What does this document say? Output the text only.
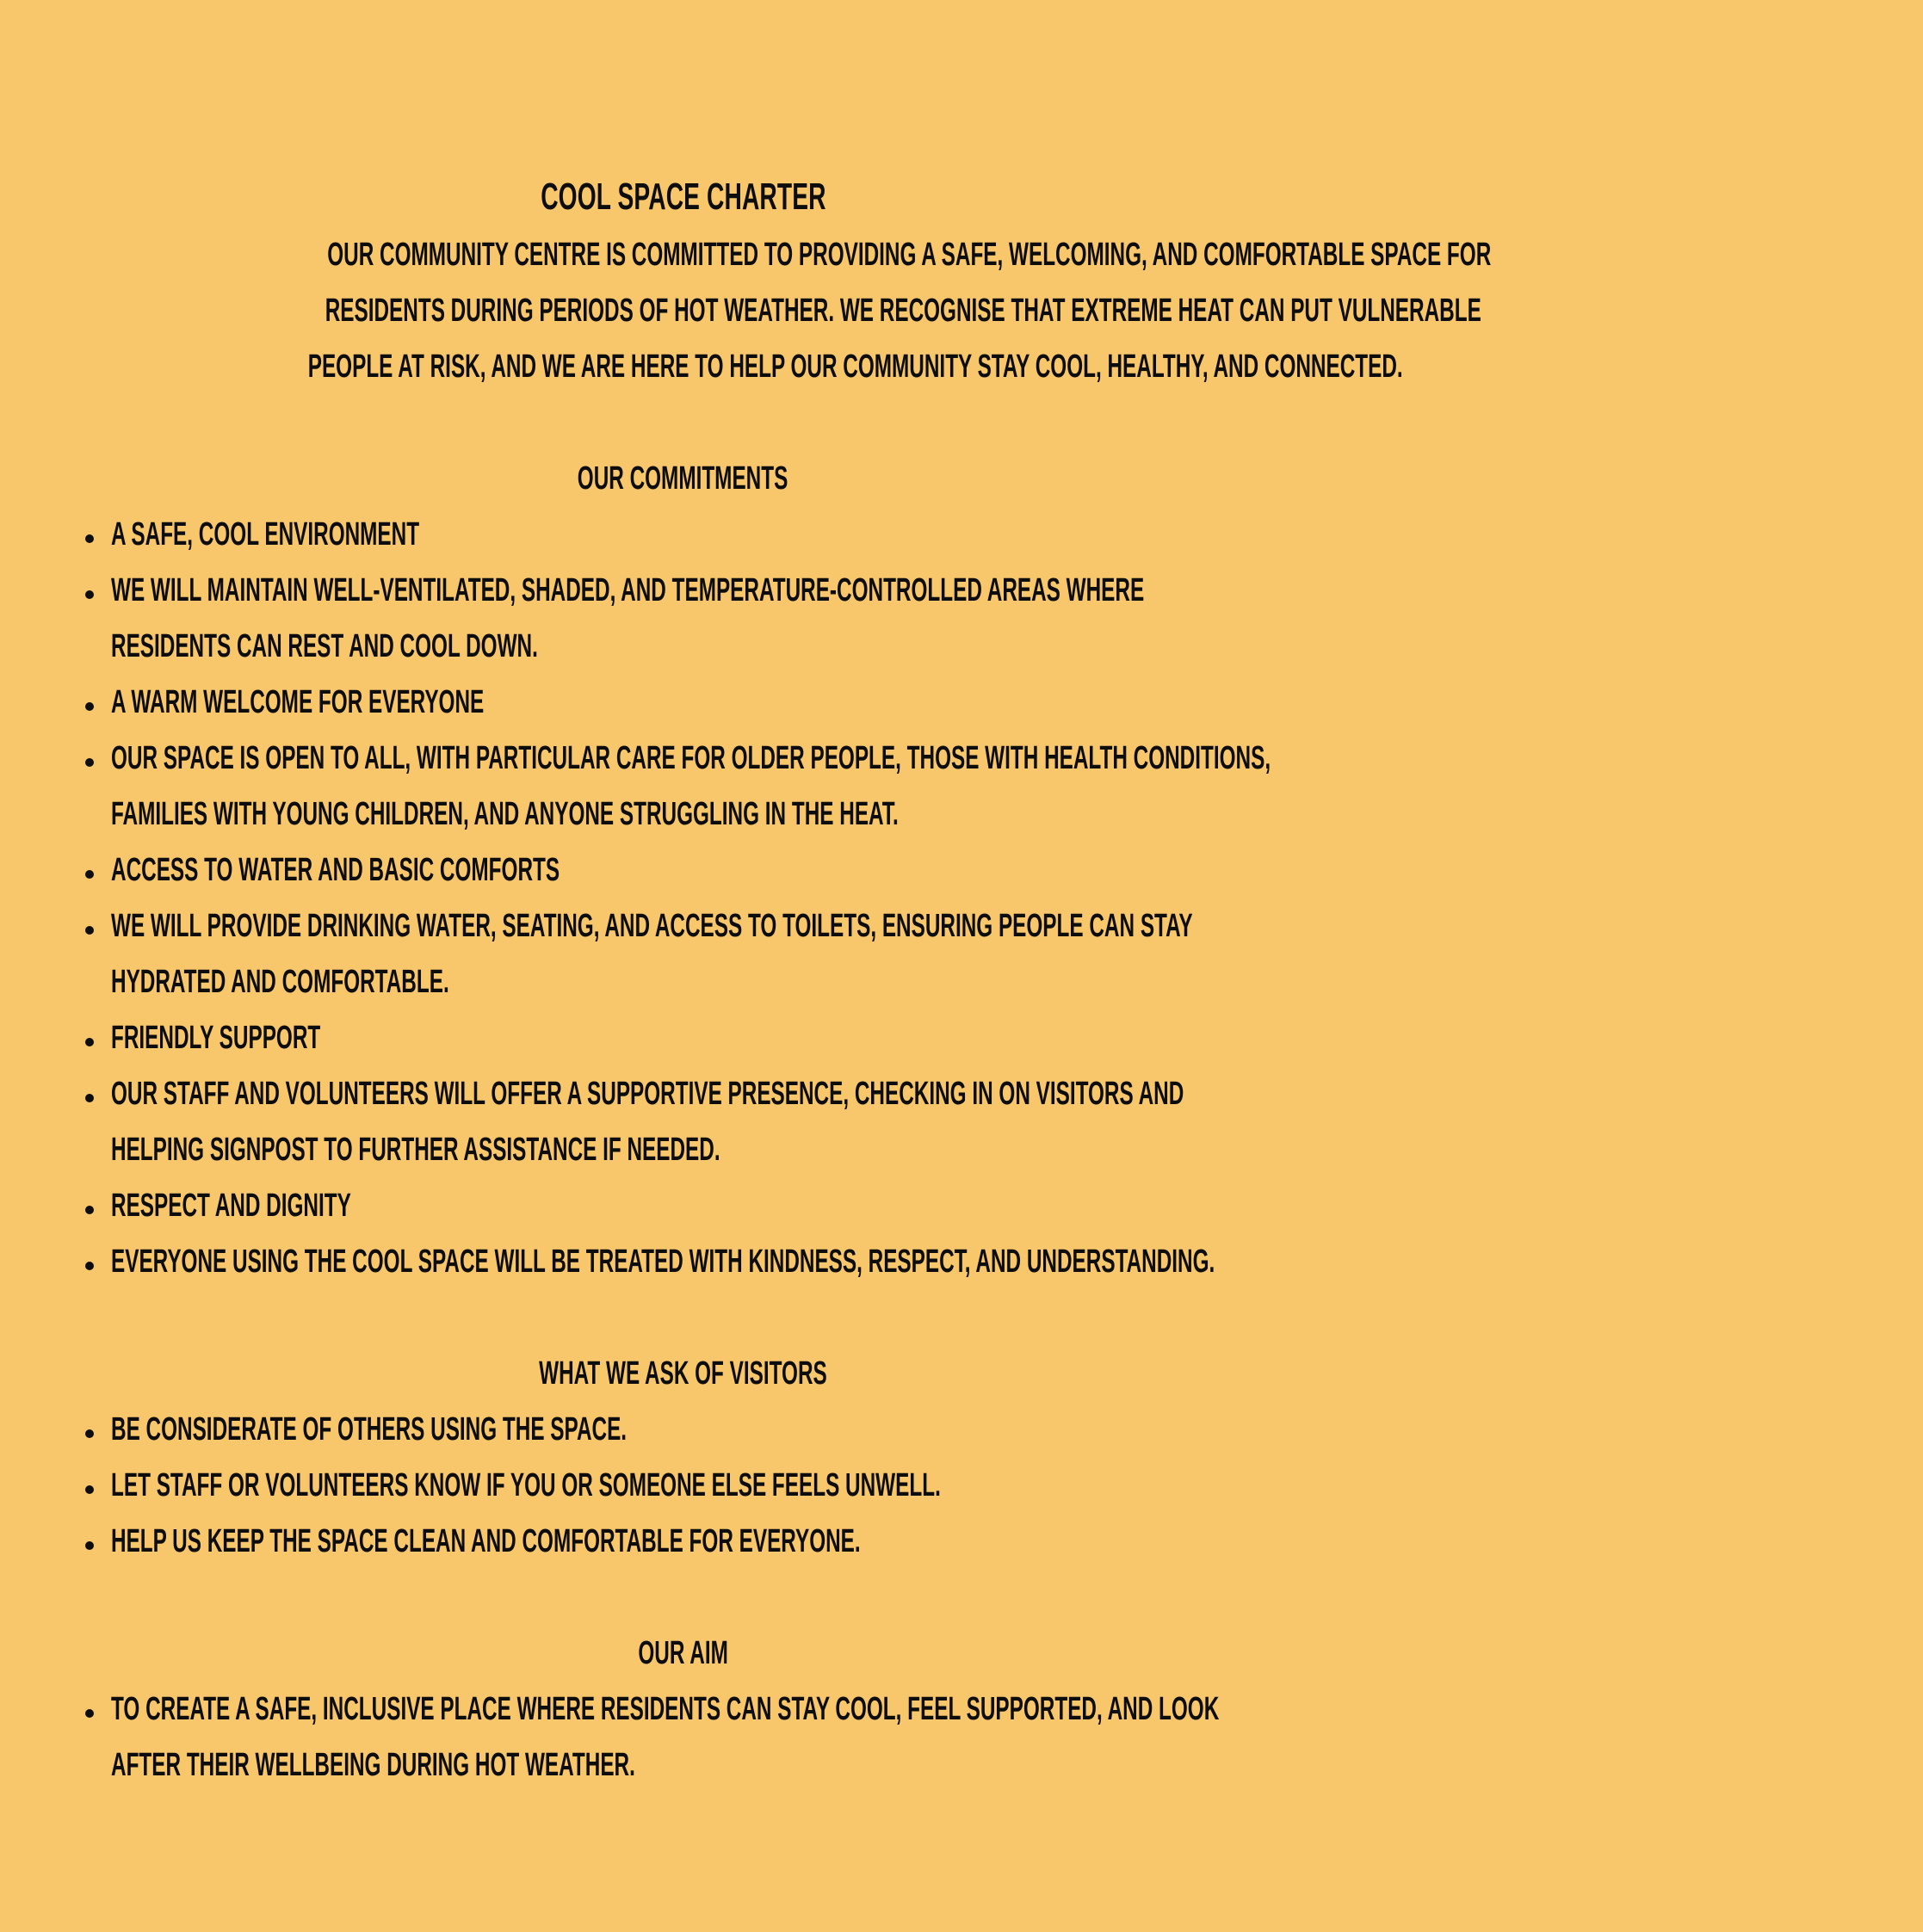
COOL SPACE CHARTER
OUR COMMUNITY CENTRE IS COMMITTED TO PROVIDING A SAFE, WELCOMING, AND COMFORTABLE SPACE FOR
RESIDENTS DURING PERIODS OF HOT WEATHER. WE RECOGNISE THAT EXTREME HEAT CAN PUT VULNERABLE
PEOPLE AT RISK, AND WE ARE HERE TO HELP OUR COMMUNITY STAY COOL, HEALTHY, AND CONNECTED.
OUR COMMITMENTS
A SAFE, COOL ENVIRONMENT
WE WILL MAINTAIN WELL-VENTILATED, SHADED, AND TEMPERATURE-CONTROLLED AREAS WHERE
RESIDENTS CAN REST AND COOL DOWN.
A WARM WELCOME FOR EVERYONE
OUR SPACE IS OPEN TO ALL, WITH PARTICULAR CARE FOR OLDER PEOPLE, THOSE WITH HEALTH CONDITIONS,
FAMILIES WITH YOUNG CHILDREN, AND ANYONE STRUGGLING IN THE HEAT.
ACCESS TO WATER AND BASIC COMFORTS
WE WILL PROVIDE DRINKING WATER, SEATING, AND ACCESS TO TOILETS, ENSURING PEOPLE CAN STAY
HYDRATED AND COMFORTABLE.
FRIENDLY SUPPORT
OUR STAFF AND VOLUNTEERS WILL OFFER A SUPPORTIVE PRESENCE, CHECKING IN ON VISITORS AND
HELPING SIGNPOST TO FURTHER ASSISTANCE IF NEEDED.
RESPECT AND DIGNITY
EVERYONE USING THE COOL SPACE WILL BE TREATED WITH KINDNESS, RESPECT, AND UNDERSTANDING.
WHAT WE ASK OF VISITORS
BE CONSIDERATE OF OTHERS USING THE SPACE.
LET STAFF OR VOLUNTEERS KNOW IF YOU OR SOMEONE ELSE FEELS UNWELL.
HELP US KEEP THE SPACE CLEAN AND COMFORTABLE FOR EVERYONE.
OUR AIM
TO CREATE A SAFE, INCLUSIVE PLACE WHERE RESIDENTS CAN STAY COOL, FEEL SUPPORTED, AND LOOK
AFTER THEIR WELLBEING DURING HOT WEATHER.
